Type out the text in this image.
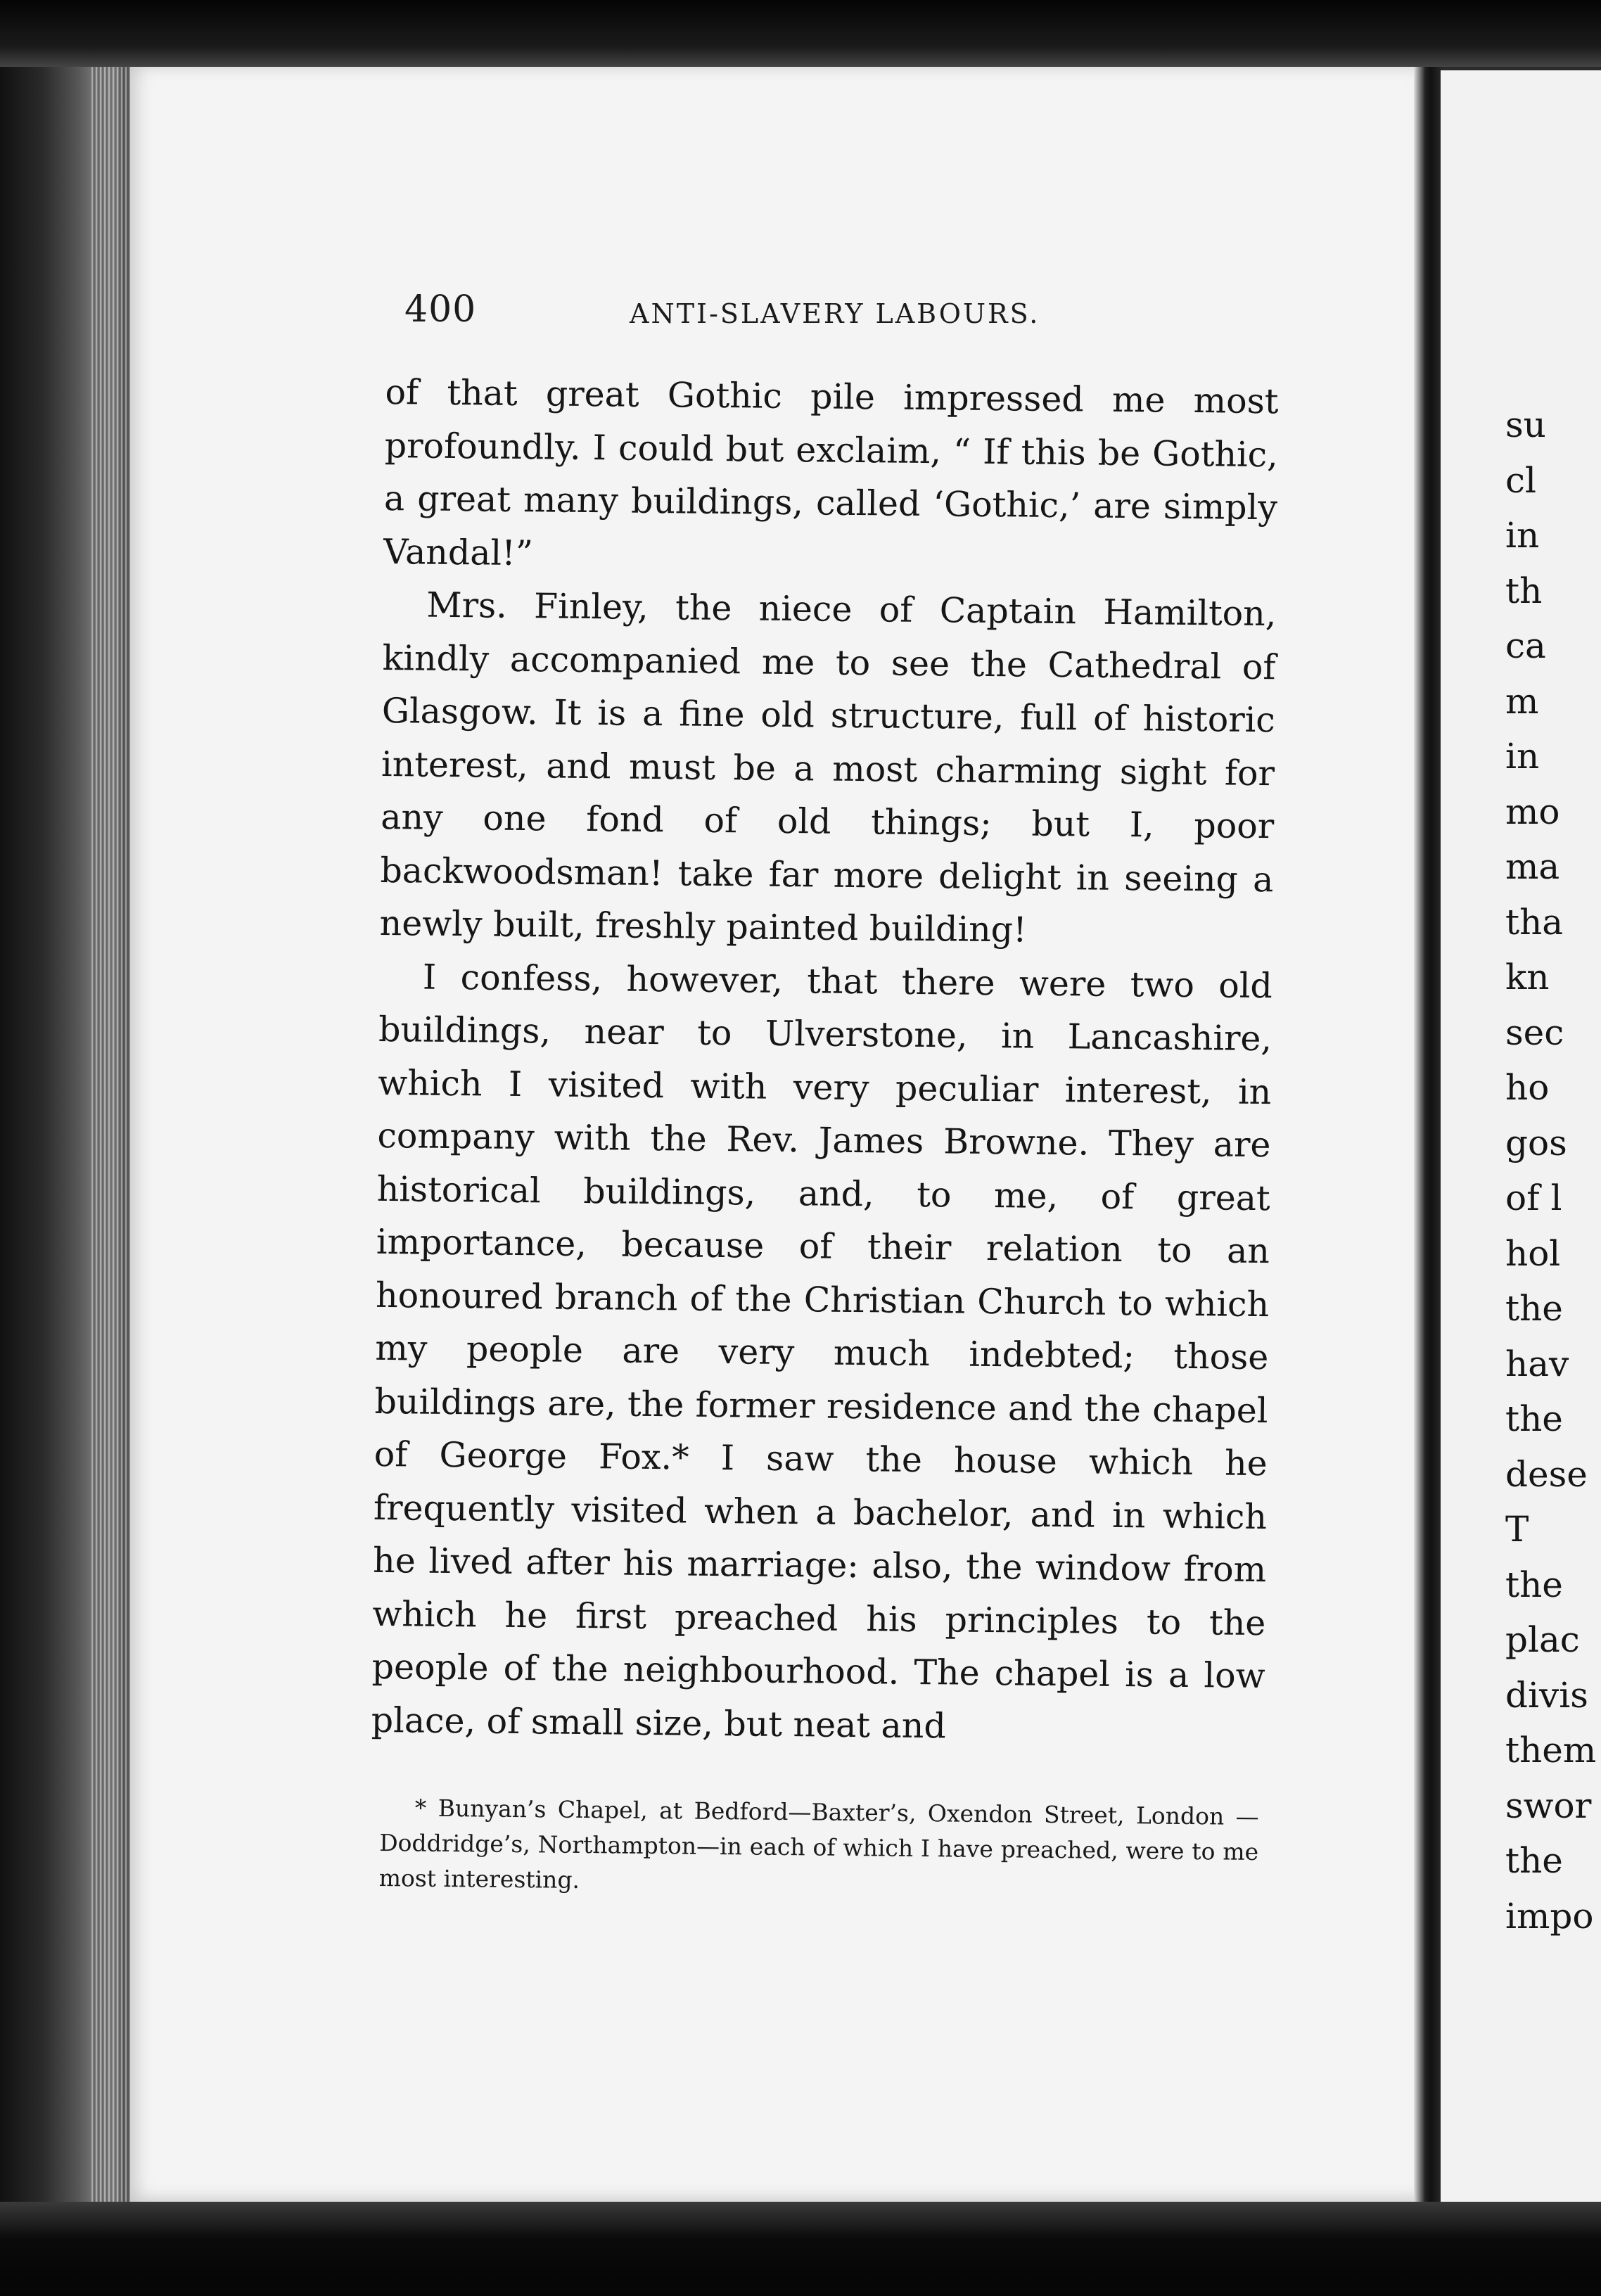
400	ANTI-SLAVERY LABOURS.

of that great Gothic pile impressed me most profoundly. I could but exclaim, “ If this be Gothic, a great many buildings, called ‘Gothic,’ are simply Vandal!”

Mrs. Finley, the niece of Captain Hamilton, kindly accompanied me to see the Cathedral of Glasgow. It is a fine old structure, full of historic interest, and must be a most charming sight for any one fond of old things; but I, poor backwoodsman! take far more delight in seeing a newly built, freshly painted building!

I confess, however, that there were two old buildings, near to Ulverstone, in Lancashire, which I visited with very peculiar interest, in company with the Rev. James Browne. They are historical buildings, and, to me, of great importance, because of their relation to an honoured branch of the Christian Church to which my people are very much indebted; those buildings are, the former residence and the chapel of George Fox.* I saw the house which he frequently visited when a bachelor, and in which he lived after his marriage: also, the window from which he first preached his principles to the people of the neighbourhood. The chapel is a low place, of small size, but neat and

* Bunyan’s Chapel, at Bedford—Baxter’s, Oxendon Street, London —Doddridge’s, Northampton—in each of which I have preached, were to me most interesting.

su
cl
in
th
ca
m
in
mo
ma
tha
kn
sec
ho
gos
of l
hol
the
hav
the
dese
T
the
plac
divis
them
swor
the
impo
